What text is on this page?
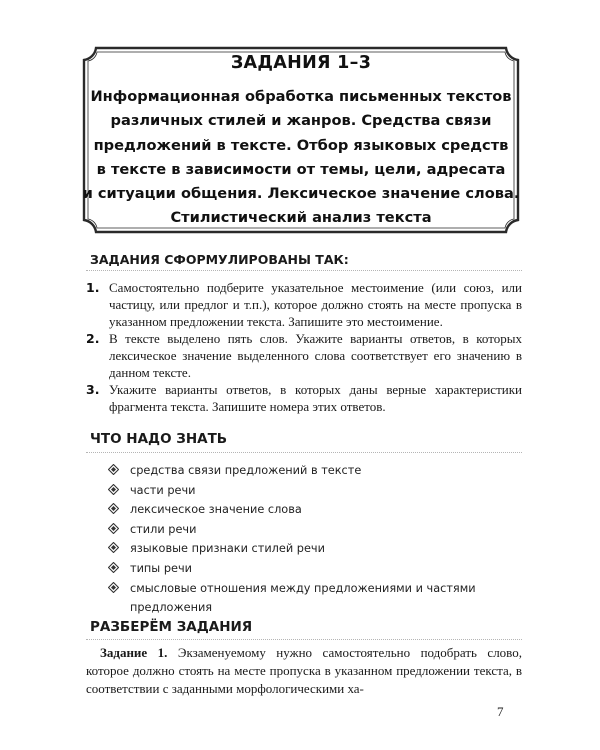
ЗАДАНИЯ 1–3
Информационная обработка письменных текстов
различных стилей и жанров. Средства связи
предложений в тексте. Отбор языковых средств
в тексте в зависимости от темы, цели, адресата
и ситуации общения. Лексическое значение слова.
Стилистический анализ текста
ЗАДАНИЯ СФОРМУЛИРОВАНЫ ТАК:
1. Самостоятельно подберите указательное местоимение (или союз, или частицу, или предлог и т.п.), которое должно стоять на месте пропуска в указанном предложении текста. Запишите это местоимение.
2. В тексте выделено пять слов. Укажите варианты ответов, в которых лексическое значение выделенного слова соответствует его значению в данном тексте.
3. Укажите варианты ответов, в которых даны верные характеристики фрагмента текста. Запишите номера этих ответов.
ЧТО НАДО ЗНАТЬ
средства связи предложений в тексте
части речи
лексическое значение слова
стили речи
языковые признаки стилей речи
типы речи
смысловые отношения между предложениями и частями предложения
РАЗБЕРЁМ ЗАДАНИЯ
Задание 1. Экзаменуемому нужно самостоятельно подобрать слово, которое должно стоять на месте пропуска в указанном предложении текста, в соответствии с заданными морфологическими ха-
7
